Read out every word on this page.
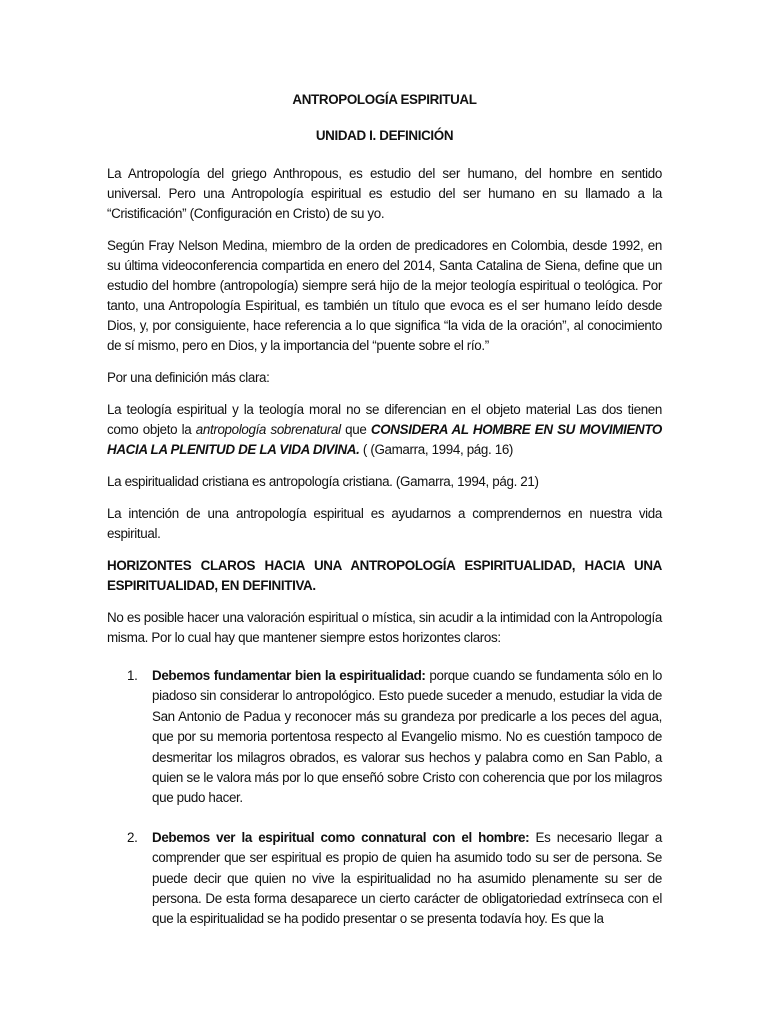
ANTROPOLOGÍA ESPIRITUAL
UNIDAD I. DEFINICIÓN

La Antropología del griego Anthropous, es estudio del ser humano, del hombre en sentido universal. Pero una Antropología espiritual es estudio del ser humano en su llamado a la “Cristificación” (Configuración en Cristo) de su yo.

Según Fray Nelson Medina, miembro de la orden de predicadores en Colombia, desde 1992, en su última videoconferencia compartida en enero del 2014, Santa Catalina de Siena, define que un estudio del hombre (antropología) siempre será hijo de la mejor teología espiritual o teológica. Por tanto, una Antropología Espiritual, es también un título que evoca es el ser humano leído desde Dios, y, por consiguiente, hace referencia a lo que significa “la vida de la oración”, al conocimiento de sí mismo, pero en Dios, y la importancia del “puente sobre el río.”

Por una definición más clara:

La teología espiritual y la teología moral no se diferencian en el objeto material Las dos tienen como objeto la antropología sobrenatural que CONSIDERA AL HOMBRE EN SU MOVIMIENTO HACIA LA PLENITUD DE LA VIDA DIVINA. ( (Gamarra, 1994, pág. 16)

La espiritualidad cristiana es antropología cristiana. (Gamarra, 1994, pág. 21)

La intención de una antropología espiritual es ayudarnos a comprendernos en nuestra vida espiritual.

HORIZONTES CLAROS HACIA UNA ANTROPOLOGÍA ESPIRITUALIDAD, HACIA UNA ESPIRITUALIDAD, EN DEFINITIVA.

No es posible hacer una valoración espiritual o mística, sin acudir a la intimidad con la Antropología misma. Por lo cual hay que mantener siempre estos horizontes claros:

1. Debemos fundamentar bien la espiritualidad: porque cuando se fundamenta sólo en lo piadoso sin considerar lo antropológico. Esto puede suceder a menudo, estudiar la vida de San Antonio de Padua y reconocer más su grandeza por predicarle a los peces del agua, que por su memoria portentosa respecto al Evangelio mismo. No es cuestión tampoco de desmeritar los milagros obrados, es valorar sus hechos y palabra como en San Pablo, a quien se le valora más por lo que enseñó sobre Cristo con coherencia que por los milagros que pudo hacer.
2. Debemos ver la espiritual como connatural con el hombre: Es necesario llegar a comprender que ser espiritual es propio de quien ha asumido todo su ser de persona. Se puede decir que quien no vive la espiritualidad no ha asumido plenamente su ser de persona. De esta forma desaparece un cierto carácter de obligatoriedad extrínseca con el que la espiritualidad se ha podido presentar o se presenta todavía hoy. Es que la
